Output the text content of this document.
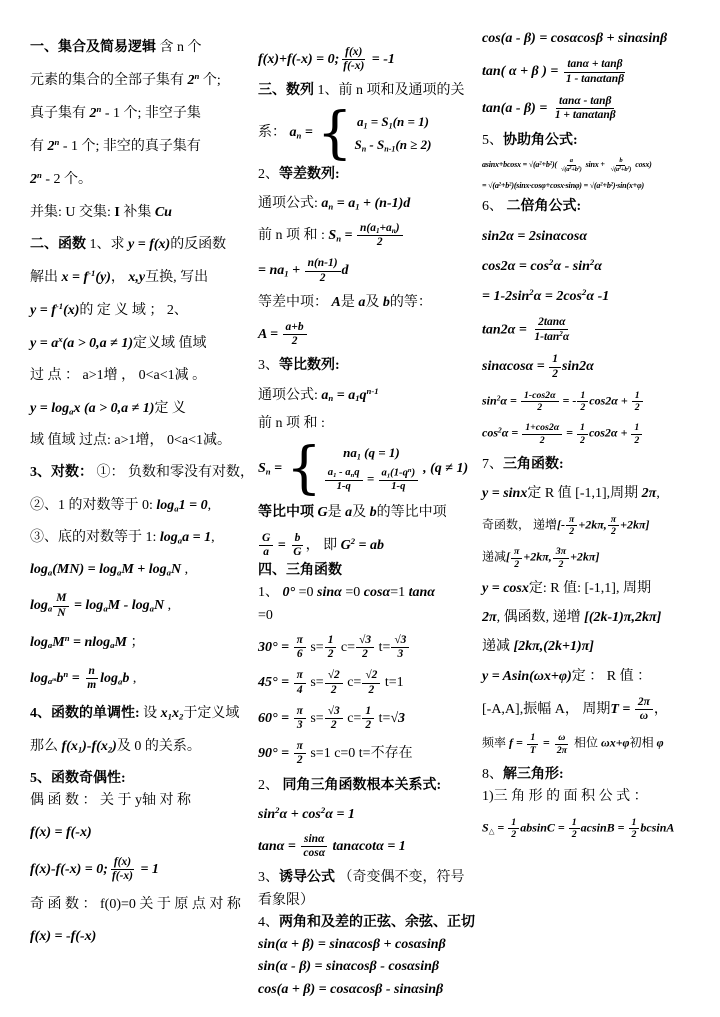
一、集合及简易逻辑 含 n 个
元素的集合的全部子集有 2$^n$ 个;
真子集有 2$^n$ - 1 个; 非空子集
有 2$^n$ - 1 个; 非空的真子集有
2$^n$ - 2 个。
并集: U 交集: I 补集 Cu
二、函数 1、求 y = f(x)的反函数
解出 $x = f^{-1}(y)$， x,y互换, 写出
$y = f^{-1}(x)$的 定 义 域 ； 2、
$y = a^x(a > 0,a \ne 1)$定义域 值域
过 点 ： a>1增 ， 0<a<1减 。
y = logax (a > 0,a ≠ 1)定 义
域 值域 过点: a>1增， 0<a<1减。
3、对数： ①： 负数和零没有对数，
②、1 的对数等于 0: loga1 = 0,
③、底的对数等于 1: logaa = 1,
loga(MN) = logaM + logaN ,
loga $\frac{M}{N}$ = logaM - logaN ,
logaM$^n$ = nlogaM ；
$\log a^mb^n = \frac{n}{m}$ logab ,
4、函数的单调性: 设 x1x2于定义域
那么 f(x1)-f(x2)及 0 的关系。
5、函数奇偶性:
偶 函 数 ： 关 于 y轴 对 称
f(x) = f(-x)
f(x)-f(-x) = 0; $\frac{f(x)}{f(-x)} = 1$
奇 函 数 ： f(0)=0 关 于 原 点 对 称
f(x) = -f(-x)
f(x)+f(-x) = 0; $\frac{f(x)}{f(-x)} = -1$
三、数列 1、前 n 项和及通项的关
系： an = { a1 = S1(n = 1)
Sn - Sn-1(n ≥ 2)
2、等差数列:
通项公式: an = a1 + (n-1)d
前 n 项 和 : $Sn = \frac{n(a1+an)}{2}$
= $na1 + \frac{n(n-1)}{2}$ d
等差中项： A是 a及 b的等：
$A = \frac{a+b}{2}$
3、等比数列:
通项公式: an = $a1q^{n-1}$
前 n 项 和 :
Sn = { na1 (q = 1)
$\frac{\text{a1 - anq}}{1-q} = \frac{a1(1-q^n)}{1-q}$ , (q ≠ 1)
等比中项 G是 a及 b的等比中项
$\frac{G}{a} = \frac{b}{G}$ ， 即 $G^2$ = ab
四、三角函数
1、 0° =0 sinα =0 cosα=1 tanα
=0
$30^\circ = \frac{\pi}{6} s= \frac{1}{2} c= \frac{√3}{2} t= \frac{√3}{3}$
$45^\circ = \frac{\pi}{4} s= \frac{√2}{2} c= \frac{√2}{2} t=1$
$60^\circ = \frac{\pi}{3} s= \frac{√3}{2} c= \frac{1}{2} t=√3$
$90^\circ = \frac{\pi}{2} s=1$ c=0 t=不存在
2、 同角三角函数根本关系式:
$\sin^2\alpha + \cos^2\alpha = 1$
$\tan\alpha = \frac{\sin\alpha}{\cos\alpha}$ tanαcotα = 1
3、诱导公式 （奇变偶不变，符号
看象限）
4、两角和及差的正弦、余弦、正切
sin(α + β) = sinαcosβ + cosαsinβ
sin(α - β) = sinαcosβ - cosαsinβ
cos(a + β) = cosαcosβ - sinαsinβ
cos(a - β) = cosαcosβ + sinαsinβ
tan( α + β ) = $\frac{\tan\alpha + \tan\beta}{1 - \tan\alpha\tan\beta}$
$\tan(a - \beta) = \frac{\tan\alpha - \tan\beta}{1 + \tan\alpha\tan\beta}$
5、协助角公式:
$asinx+bcosx = √(a^2+b^2)( \frac{a}{√(a^2+b^2)}$ $\sin x + \frac{b}{√(a^2+b^2)} \cos x$)
= $√(a^2+b^2)(\sin x\cdot\cos\varphi+\cos x\cdot\sin\varphi) = √(a^2+b^2)\cdot\sin(x+\varphi)$
6、 二倍角公式:
sin2α = 2sinαcosα
$\cos 2\alpha = \cos^2\alpha - \sin^2\alpha$
= $1-2\sin^2\alpha = 2\cos^2\alpha$ -1
$\tan 2\alpha = \frac{2\tan\alpha}{1-\tan^2\alpha}$
$\sin\alpha\cos\alpha = \frac{1}{2} \sin 2\alpha$
$\sin^2\alpha = \frac{1-\cos 2\alpha}{2}$ = - $\frac{1}{2} \cos 2\alpha + \frac{1}{2}$
$\cos^2\alpha = \frac{1+\cos 2\alpha}{2} = \frac{1}{2} \cos 2\alpha + \frac{1}{2}$
7、三角函数:
y = sinx定 R 值 [-1,1],周期 2π,
奇函数， 递增[- $\frac{\pi}{2} +2k\pi$, $\frac{\pi}{2} +2k\pi$]
递减[ $\frac{\pi}{2} +2k\pi$, $\frac{3\pi}{2} +2k\pi$]
y = cosx定: R 值: [-1,1], 周期
2π, 偶函数, 递增 [(2k-1)π,2kπ]
递减 [2kπ,(2k+1)π]
y = Asin(ωx+φ)定 ： R 值 ：
[-A,A],振幅 A， 周期$T = \frac{2\pi}{\omega}$ ，
频率 $f = \frac{1}{T} = \frac{\omega}{2\pi}$ 相位 ωx+φ初相 φ
8、解三角形:
1)三 角 形 的 面 积 公 式 ：
S△ = $\frac{1}{2}$ $absinC = \frac{1}{2}$ $acsinB = \frac{1}{2}$ bcsinA
